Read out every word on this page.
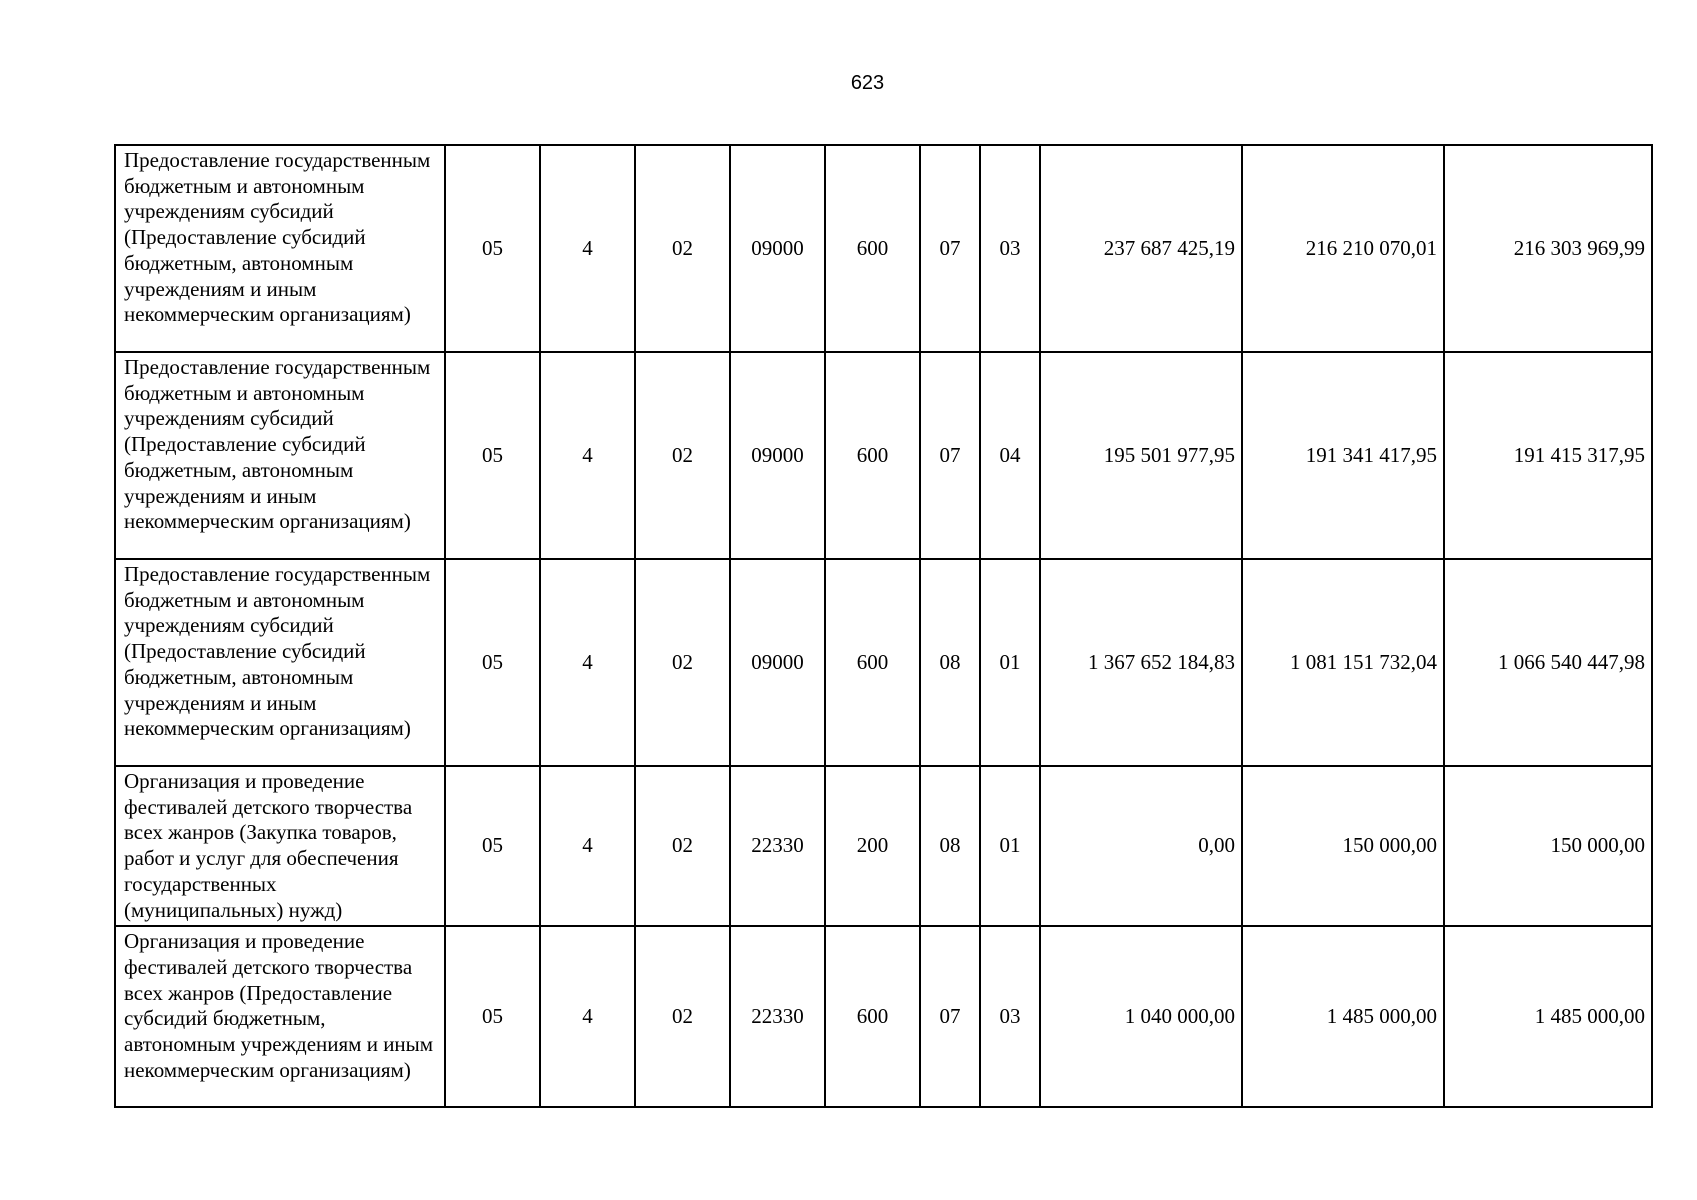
623
Предоставление государственным бюджетным и автономным учреждениям субсидий (Предоставление субсидий бюджетным, автономным учреждениям и иным некоммерческим организациям)	05	4	02	09000	600	07	03	237 687 425,19	216 210 070,01	216 303 969,99
Предоставление государственным бюджетным и автономным учреждениям субсидий (Предоставление субсидий бюджетным, автономным учреждениям и иным некоммерческим организациям)	05	4	02	09000	600	07	04	195 501 977,95	191 341 417,95	191 415 317,95
Предоставление государственным бюджетным и автономным учреждениям субсидий (Предоставление субсидий бюджетным, автономным учреждениям и иным некоммерческим организациям)	05	4	02	09000	600	08	01	1 367 652 184,83	1 081 151 732,04	1 066 540 447,98
Организация и проведение фестивалей детского творчества всех жанров (Закупка товаров, работ и услуг для обеспечения государственных (муниципальных) нужд)	05	4	02	22330	200	08	01	0,00	150 000,00	150 000,00
Организация и проведение фестивалей детского творчества всех жанров (Предоставление субсидий бюджетным, автономным учреждениям и иным некоммерческим организациям)	05	4	02	22330	600	07	03	1 040 000,00	1 485 000,00	1 485 000,00
